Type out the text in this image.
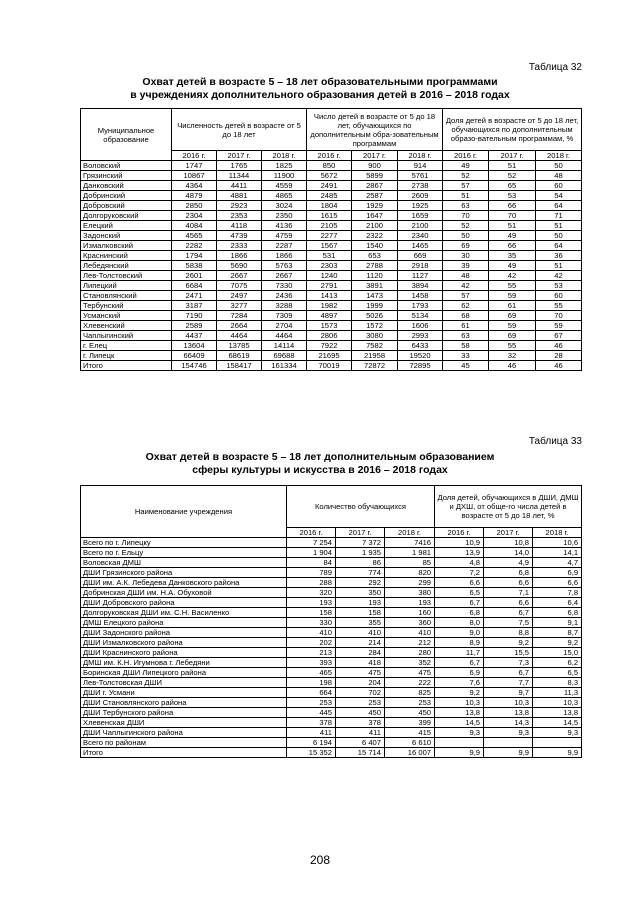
Таблица 32
Охват детей в возрасте 5 – 18 лет образовательными программами
в учреждениях дополнительного образования детей в 2016 – 2018 годах
Муниципальное образование	Численность детей в возрасте от 5 до 18 лет			Число детей в возрасте от 5 до 18 лет, обучающихся по дополнительным обра-зовательным программам			Доля детей в возрасте от 5 до 18 лет, обучающихся по дополнительным образо-вательным программам, %		
	2016 г.	2017 г.	2018 г.	2016 г.	2017 г.	2018 г.	2016 г.	2017 г.	2018 г.
Воловский	1747	1765	1825	850	900	914	49	51	50
Грязинский	10867	11344	11900	5672	5899	5761	52	52	48
Данковский	4364	4411	4559	2491	2867	2738	57	65	60
Добринский	4879	4881	4865	2485	2587	2609	51	53	54
Добровский	2850	2923	3024	1804	1929	1925	63	66	64
Долгоруковский	2304	2353	2350	1615	1647	1659	70	70	71
Елецкий	4084	4118	4136	2105	2100	2100	52	51	51
Задонский	4565	4739	4759	2277	2322	2340	50	49	50
Измалковский	2282	2333	2287	1567	1540	1465	69	66	64
Краснинский	1794	1866	1866	531	653	669	30	35	36
Лебедянский	5838	5690	5763	2303	2788	2918	39	49	51
Лев-Толстовский	2601	2667	2667	1240	1120	1127	48	42	42
Липецкий	6684	7075	7330	2791	3891	3894	42	55	53
Становлянский	2471	2497	2436	1413	1473	1458	57	59	60
Тербунский	3187	3277	3288	1982	1999	1793	62	61	55
Усманский	7190	7284	7309	4897	5026	5134	68	69	70
Хлевенский	2589	2664	2704	1573	1572	1606	61	59	59
Чаплыгинский	4437	4464	4464	2806	3080	2993	63	69	67
г. Елец	13604	13785	14114	7922	7582	6433	58	55	46
г. Липецк	66409	68619	69688	21695	21958	19520	33	32	28
Итого	154746	158417	161334	70019	72872	72895	45	46	46
Таблица 33
Охват детей в возрасте 5 – 18 лет дополнительным образованием
сферы культуры и искусства в 2016 – 2018 годах
Наименование учреждения	Количество обучающихся			Доля детей, обучающихся в ДШИ, ДМШ и ДХШ, от обще-го числа детей в возрасте от 5 до 18 лет, %		
	2016 г.	2017 г.	2018 г.	2016 г.	2017 г.	2018 г.
Всего по г. Липецку	7 254	7 372	7416	10,9	10,8	10,6
Всего по г. Ельцу	1 904	1 935	1 981	13,9	14,0	14,1
Воловская ДМШ	84	86	85	4,8	4,9	4,7
ДШИ Грязинского района	789	774	820	7,2	6,8	6,9
ДШИ им. А.К. Лебедева Данковского района	288	292	299	6,6	6,6	6,6
Добринская ДШИ им. Н.А. Обуховой	320	350	380	6,5	7,1	7,8
ДШИ Добровского района	193	193	193	6,7	6,6	6,4
Долгоруковская ДШИ им. С.Н. Василенко	158	158	160	6,8	6,7	6,8
ДМШ Елецкого района	330	355	360	8,0	7,5	9,1
ДШИ Задонского района	410	410	410	9,0	8,8	8,7
ДШИ Измалковского района	202	214	212	8,9	9,2	9,2
ДШИ Краснинского района	213	284	280	11,7	15,5	15,0
ДМШ им. К.Н. Игумнова г. Лебедяни	393	418	352	6,7	7,3	6,2
Боринская ДШИ Липецкого района	465	475	475	6,9	6,7	6,5
Лев-Толстовская ДШИ	198	204	222	7,6	7,7	8,3
ДШИ г. Усмани	664	702	825	9,2	9,7	11,3
ДШИ Становлянского района	253	253	253	10,3	10,3	10,3
ДШИ Тербунского района	445	450	450	13,8	13,8	13,8
Хлевенская ДШИ	378	378	399	14,5	14,3	14,5
ДШИ Чаплыгинского района	411	411	415	9,3	9,3	9,3
Всего по районам	6 194	6 407	6 610			
Итого	15 352	15 714	16 007	9,9	9,9	9,9
208
